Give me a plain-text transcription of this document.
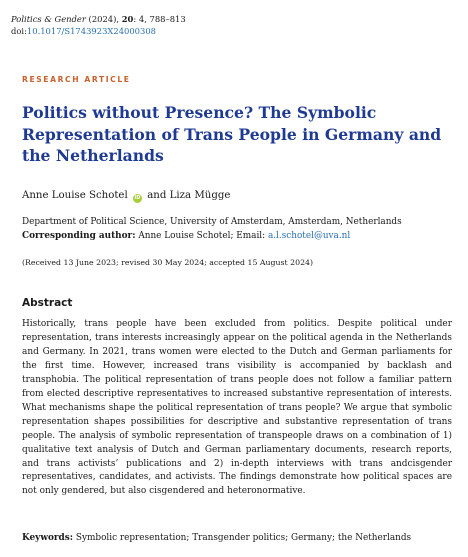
Politics & Gender (2024), 20: 4, 788–813
doi:10.1017/S1743923X24000308
RESEARCH ARTICLE
Politics without Presence? The Symbolic Representation of Trans People in Germany and the Netherlands
Anne Louise Schotel iD and Liza Mügge
Department of Political Science, University of Amsterdam, Amsterdam, Netherlands
Corresponding author: Anne Louise Schotel; Email: a.l.schotel@uva.nl
(Received 13 June 2023; revised 30 May 2024; accepted 15 August 2024)
Abstract
Historically, trans people have been excluded from politics. Despite political under representation, trans interests increasingly appear on the political agenda in the Netherlands and Germany. In 2021, trans women were elected to the Dutch and German parliaments for the first time. However, increased trans visibility is accompanied by backlash and transphobia. The political representation of trans people does not follow a familiar pattern from elected descriptive representatives to increased substantive representation of interests. What mechanisms shape the political representation of trans people? We argue that symbolic representation shapes possibilities for descriptive and substantive representation of trans people. The analysis of symbolic representation of transpeople draws on a combination of 1) qualitative text analysis of Dutch and German parliamentary documents, research reports, and trans activists’ publications and 2) in-depth interviews with trans andcisgender representatives, candidates, and activists. The findings demonstrate how political spaces are not only gendered, but also cisgendered and heteronormative.
Keywords: Symbolic representation; Transgender politics; Germany; the Netherlands
